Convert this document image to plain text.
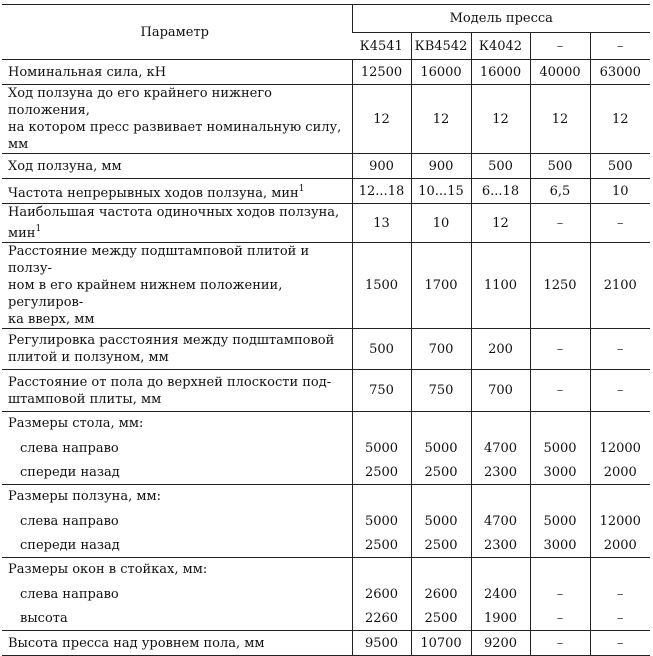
Параметр	Модель пресса				
	К4541	КВ4542	К4042	–	–
Номинальная сила, кН	12500	16000	16000	40000	63000

Ход ползуна до его крайнего нижнего положения,
на котором пресс развивает номинальную силу, мм	12	12	12	12	12
Ход ползуна, мм	900	900	500	500	500
Частота непрерывных ходов ползуна, мин$^1$	12...18	10...15	6...18	6,5	10
Наибольшая частота одиночных ходов ползуна, мин$^1$	13	10	12	–	–

Расстояние между подштамповой плитой и ползу-
ном в его крайнем нижнем положении, регулиров-
ка вверх, мм	1500	1700	1100	1250	2100

Регулировка расстояния между подштамповой
плитой и ползуном, мм	500	700	200	–	–

Расстояние от пола до верхней плоскости под-
штамповой плиты, мм	750	750	700	–	–
Размеры стола, мм:					
слева направо	5000	5000	4700	5000	12000
спереди назад	2500	2500	2300	3000	2000
Размеры ползуна, мм:					
слева направо	5000	5000	4700	5000	12000
спереди назад	2500	2500	2300	3000	2000
Размеры окон в стойках, мм:					
слева направо	2600	2600	2400	–	–
высота	2260	2500	1900	–	–
Высота пресса над уровнем пола, мм	9500	10700	9200	–	–
